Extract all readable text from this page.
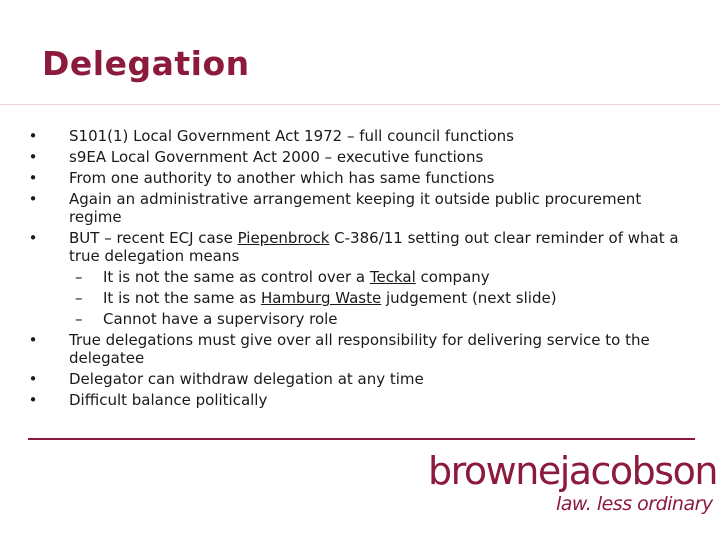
Delegation
• S101(1) Local Government Act 1972 – full council functions
• s9EA Local Government Act 2000 – executive functions
• From one authority to another which has same functions
• Again an administrative arrangement keeping it outside public procurement regime
• BUT – recent ECJ case Piepenbrock C-386/11 setting out clear reminder of what a true delegation means
– It is not the same as control over a Teckal company
– It is not the same as Hamburg Waste judgement (next slide)
– Cannot have a supervisory role
• True delegations must give over all responsibility for delivering service to the delegatee
• Delegator can withdraw delegation at any time
• Difficult balance politically
brownejacobson
law. less ordinary
